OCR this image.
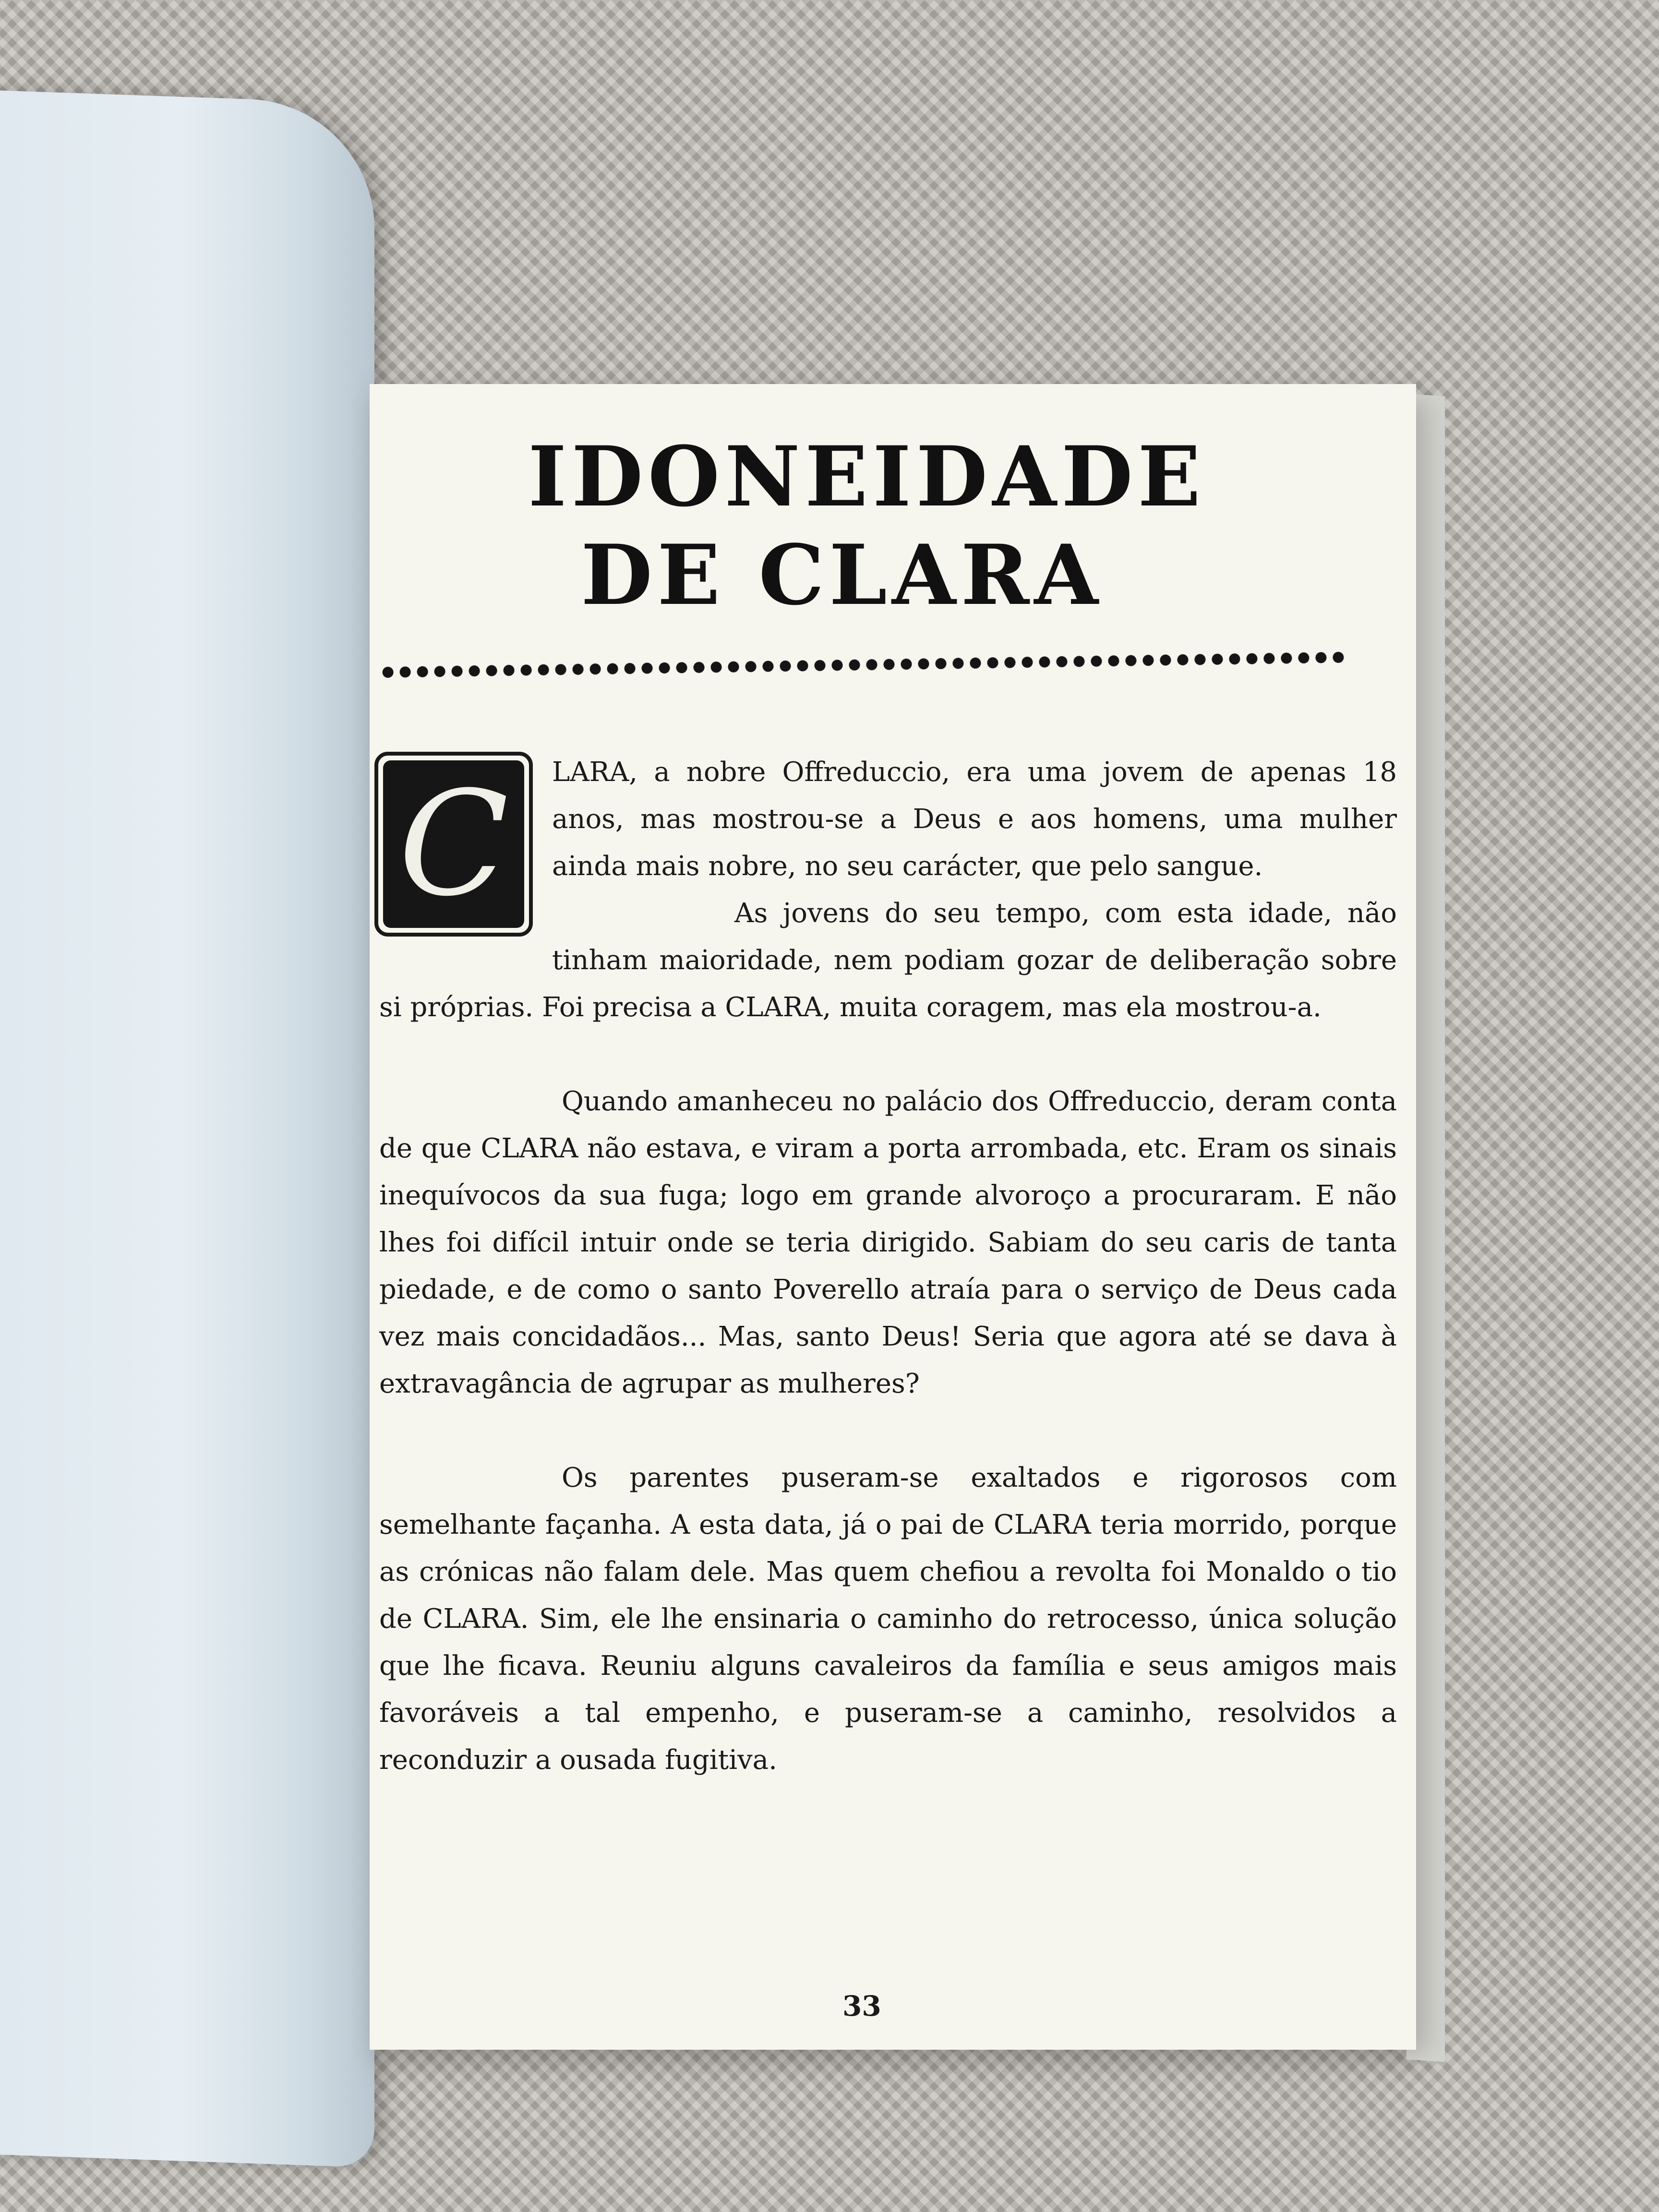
IDONEIDADE
DE CLARA
C	LARA, a nobre Offreduccio, era uma jovem de apenas 18 anos, mas mostrou-se a Deus e aos homens, uma mulher ainda mais nobre, no seu carácter, que pelo sangue.

As jovens do seu tempo, com esta idade, não tinham maioridade, nem podiam gozar de deliberação sobre si próprias. Foi precisa a CLARA, muita coragem, mas ela mostrou-a.

Quando amanheceu no palácio dos Offreduccio, deram conta de que CLARA não estava, e viram a porta arrombada, etc. Eram os sinais inequívocos da sua fuga; logo em grande alvoroço a procuraram. E não lhes foi difícil intuir onde se teria dirigido. Sabiam do seu caris de tanta piedade, e de como o santo Poverello atraía para o serviço de Deus cada vez mais concidadãos... Mas, santo Deus! Seria que agora até se dava à extravagância de agrupar as mulheres?

Os parentes puseram-se exaltados e rigorosos com semelhante façanha. A esta data, já o pai de CLARA teria morrido, porque as crónicas não falam dele. Mas quem chefiou a revolta foi Monaldo o tio de CLARA. Sim, ele lhe ensinaria o caminho do retrocesso, única solução que lhe ficava. Reuniu alguns cavaleiros da família e seus amigos mais favoráveis a tal empenho, e puseram-se a caminho, resolvidos a reconduzir a ousada fugitiva.

33
